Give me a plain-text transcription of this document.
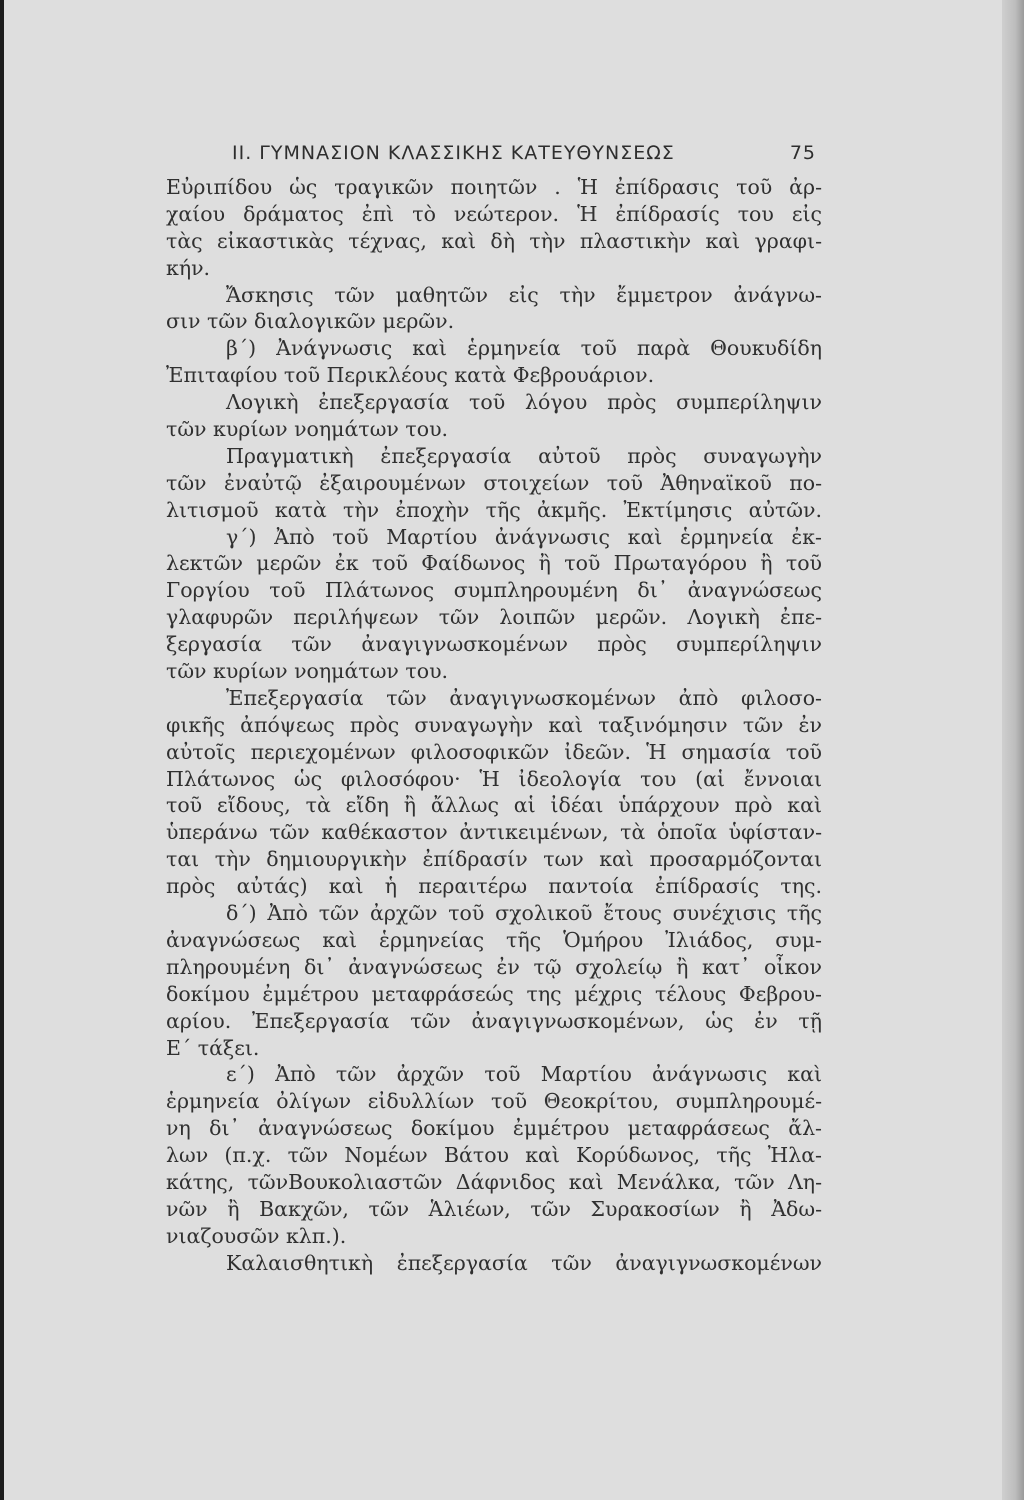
ΙΙ. ΓΥΜΝΑΣΙΟΝ ΚΛΑΣΣΙΚΗΣ ΚΑΤΕΥΘΥΝΣΕΩΣ	75
Εὐριπίδου ὡς τραγικῶν ποιητῶν . Ἡ ἐπίδρασις τοῦ ἀρ-
χαίου δράματος ἐπὶ τὸ νεώτερον. Ἡ ἐπίδρασίς του εἰς
τὰς εἰκαστικὰς τέχνας, καὶ δὴ τὴν πλαστικὴν καὶ γραφι-
κήν.
Ἄσκησις τῶν μαθητῶν εἰς τὴν ἔμμετρον ἀνάγνω-
σιν τῶν διαλογικῶν μερῶν.
β΄) Ἀνάγνωσις καὶ ἑρμηνεία τοῦ παρὰ Θουκυδίδη
Ἐπιταφίου τοῦ Περικλέους κατὰ Φεβρουάριον.
Λογικὴ ἐπεξεργασία τοῦ λόγου πρὸς συμπερίληψιν
τῶν κυρίων νοημάτων του.
Πραγματικὴ ἐπεξεργασία αὐτοῦ πρὸς συναγωγὴν
τῶν ἐναὐτῷ ἐξαιρουμένων στοιχείων τοῦ Ἀθηναϊκοῦ πο-
λιτισμοῦ κατὰ τὴν ἐποχὴν τῆς ἀκμῆς. Ἐκτίμησις αὐτῶν.
γ΄) Ἀπὸ τοῦ Μαρτίου ἀνάγνωσις καὶ ἑρμηνεία ἐκ-
λεκτῶν μερῶν ἐκ τοῦ Φαίδωνος ἢ τοῦ Πρωταγόρου ἢ τοῦ
Γοργίου τοῦ Πλάτωνος συμπληρουμένη δι᾽ ἀναγνώσεως
γλαφυρῶν περιλήψεων τῶν λοιπῶν μερῶν. Λογικὴ ἐπε-
ξεργασία τῶν ἀναγιγνωσκομένων πρὸς συμπερίληψιν
τῶν κυρίων νοημάτων του.
Ἐπεξεργασία τῶν ἀναγιγνωσκομένων ἀπὸ φιλοσο-
φικῆς ἀπόψεως πρὸς συναγωγὴν καὶ ταξινόμησιν τῶν ἐν
αὐτοῖς περιεχομένων φιλοσοφικῶν ἰδεῶν. Ἡ σημασία τοῦ
Πλάτωνος ὡς φιλοσόφου· Ἡ ἰδεολογία του (αἱ ἔννοιαι
τοῦ εἴδους, τὰ εἴδη ἢ ἄλλως αἱ ἰδέαι ὑπάρχουν πρὸ καὶ
ὑπεράνω τῶν καθέκαστον ἀντικειμένων, τὰ ὁποῖα ὑφίσταν-
ται τὴν δημιουργικὴν ἐπίδρασίν των καὶ προσαρμόζονται
πρὸς αὐτάς) καὶ ἡ περαιτέρω παντοία ἐπίδρασίς της.
δ΄) Ἀπὸ τῶν ἀρχῶν τοῦ σχολικοῦ ἔτους συνέχισις τῆς
ἀναγνώσεως καὶ ἑρμηνείας τῆς Ὁμήρου Ἰλιάδος, συμ-
πληρουμένη δι᾽ ἀναγνώσεως ἐν τῷ σχολείῳ ἢ κατ᾽ οἶκον
δοκίμου ἐμμέτρου μεταφράσεώς της μέχρις τέλους Φεβρου-
αρίου. Ἐπεξεργασία τῶν ἀναγιγνωσκομένων, ὡς ἐν τῇ
Ε΄ τάξει.
ε΄) Ἀπὸ τῶν ἀρχῶν τοῦ Μαρτίου ἀνάγνωσις καὶ
ἑρμηνεία ὀλίγων εἰδυλλίων τοῦ Θεοκρίτου, συμπληρουμέ-
νη δι᾽ ἀναγνώσεως δοκίμου ἐμμέτρου μεταφράσεως ἄλ-
λων (π.χ. τῶν Νομέων Βάτου καὶ Κορύδωνος, τῆς Ἠλα-
κάτης, τῶνΒουκολιαστῶν Δάφνιδος καὶ Μενάλκα, τῶν Λη-
νῶν ἢ Βακχῶν, τῶν Ἁλιέων, τῶν Συρακοσίων ἢ Ἀδω-
νιαζουσῶν κλπ.).
Καλαισθητικὴ ἐπεξεργασία τῶν ἀναγιγνωσκομένων
